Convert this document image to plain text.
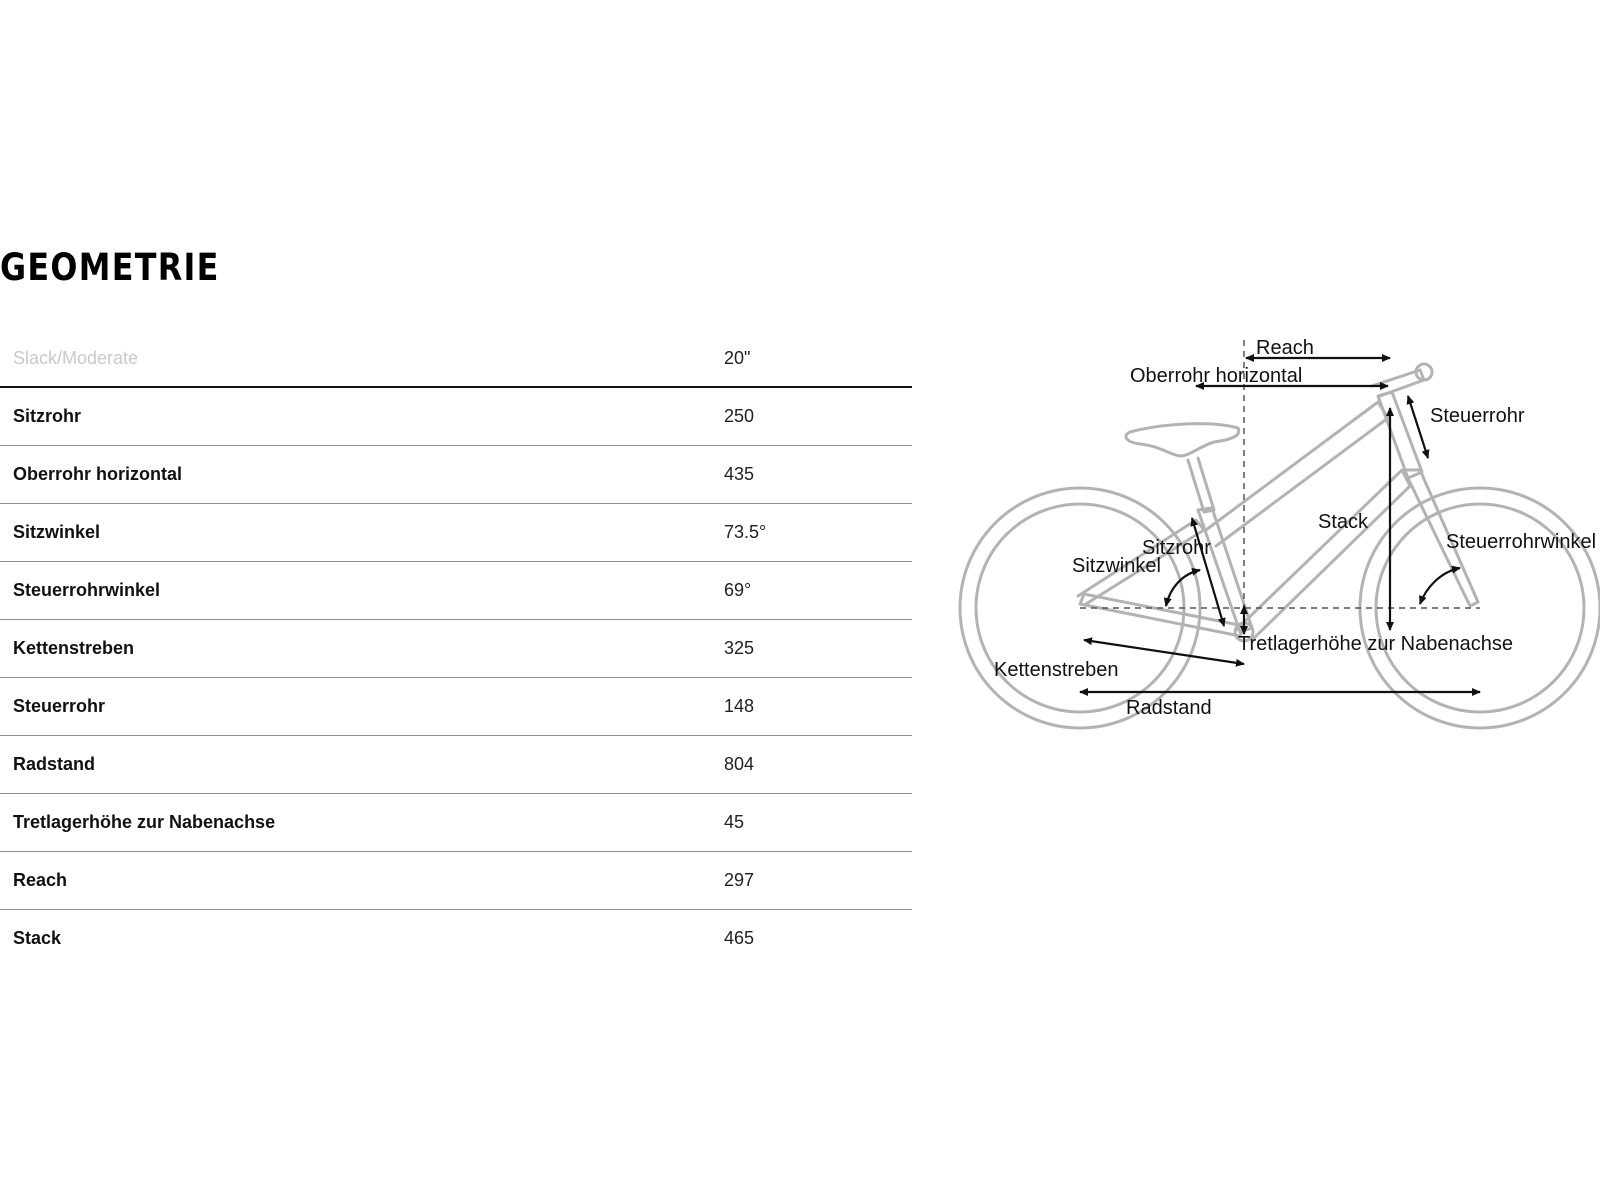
GEOMETRIE
Slack/Moderate	20"
Sitzrohr	250
Oberrohr horizontal	435
Sitzwinkel	73.5°
Steuerrohrwinkel	69°
Kettenstreben	325
Steuerrohr	148
Radstand	804
Tretlagerhöhe zur Nabenachse	45
Reach	297
Stack	465
Reach
Oberrohr horizontal
Steuerrohr
Stack
Sitzrohr
Sitzwinkel
Steuerrohrwinkel
Tretlagerhöhe zur Nabenachse
Kettenstreben
Radstand
